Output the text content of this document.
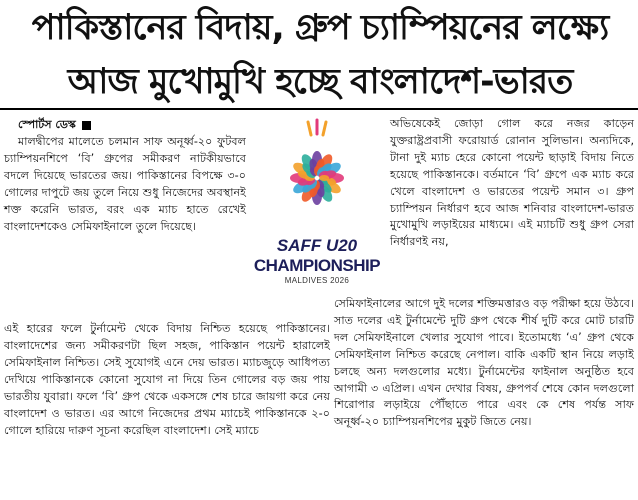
পাকিস্তানের বিদায়, গ্রুপ চ্যাম্পিয়নের লক্ষ্যে
আজ মুখোমুখি হচ্ছে বাংলাদেশ-ভারত
স্পোর্টস ডেস্ক
SAFF U20
CHAMPIONSHIP
MALDIVES 2026

মালদ্বীপের মালেতে চলমান সাফ অনূর্ধ্ব-২০ ফুটবল চ্যাম্পিয়নশিপে ‘বি’ গ্রুপের সমীকরণ নাটকীয়ভাবে বদলে দিয়েছে ভারতের জয়। পাকিস্তানের বিপক্ষে ৩-০ গোলের দাপুটে জয় তুলে নিয়ে শুধু নিজেদের অবস্থানই শক্ত করেনি ভারত, বরং এক ম্যাচ হাতে রেখেই বাংলাদেশকেও সেমিফাইনালে তুলে দিয়েছে।

এই হারের ফলে টুর্নামেন্ট থেকে বিদায় নিশ্চিত হয়েছে পাকিস্তানের। বাংলাদেশের জন্য সমীকরণটা ছিল সহজ, পাকিস্তান পয়েন্ট হারালেই সেমিফাইনাল নিশ্চিত। সেই সুযোগই এনে দেয় ভারত। ম্যাচজুড়ে আধিপত্য দেখিয়ে পাকিস্তানকে কোনো সুযোগ না দিয়ে তিন গোলের বড় জয় পায় ভারতীয় যুবারা। ফলে ‘বি’ গ্রুপ থেকে একসঙ্গে শেষ চারে জায়গা করে নেয় বাংলাদেশ ও ভারত। এর আগে নিজেদের প্রথম ম্যাচেই পাকিস্তানকে ২-০ গোলে হারিয়ে দারুণ সূচনা করেছিল বাংলাদেশ। সেই ম্যাচে

অভিষেকেই জোড়া গোল করে নজর কাড়েন যুক্তরাষ্ট্রপ্রবাসী ফরোয়ার্ড রোনান সুলিভান। অন্যদিকে, টানা দুই ম্যাচ হেরে কোনো পয়েন্ট ছাড়াই বিদায় নিতে হয়েছে পাকিস্তানকে। বর্তমানে ‘বি’ গ্রুপে এক ম্যাচ করে খেলে বাংলাদেশ ও ভারতের পয়েন্ট সমান ৩। গ্রুপ চ্যাম্পিয়ন নির্ধারণ হবে আজ শনিবার বাংলাদেশ-ভারত মুখোমুখি লড়াইয়ের মাধ্যমে। এই ম্যাচটি শুধু গ্রুপ সেরা নির্ধারণই নয়,

সেমিফাইনালের আগে দুই দলের শক্তিমত্তারও বড় পরীক্ষা হয়ে উঠবে। সাত দলের এই টুর্নামেন্টে দুটি গ্রুপ থেকে শীর্ষ দুটি করে মোট চারটি দল সেমিফাইনালে খেলার সুযোগ পাবে। ইতোমধ্যে ‘এ’ গ্রুপ থেকে সেমিফাইনাল নিশ্চিত করেছে নেপাল। বাকি একটি স্থান নিয়ে লড়াই চলছে অন্য দলগুলোর মধ্যে। টুর্নামেন্টের ফাইনাল অনুষ্ঠিত হবে আগামী ৩ এপ্রিল। এখন দেখার বিষয়, গ্রুপপর্ব শেষে কোন দলগুলো শিরোপার লড়াইয়ে পৌঁছাতে পারে এবং কে শেষ পর্যন্ত সাফ অনূর্ধ্ব-২০ চ্যাম্পিয়নশিপের মুকুট জিতে নেয়।
